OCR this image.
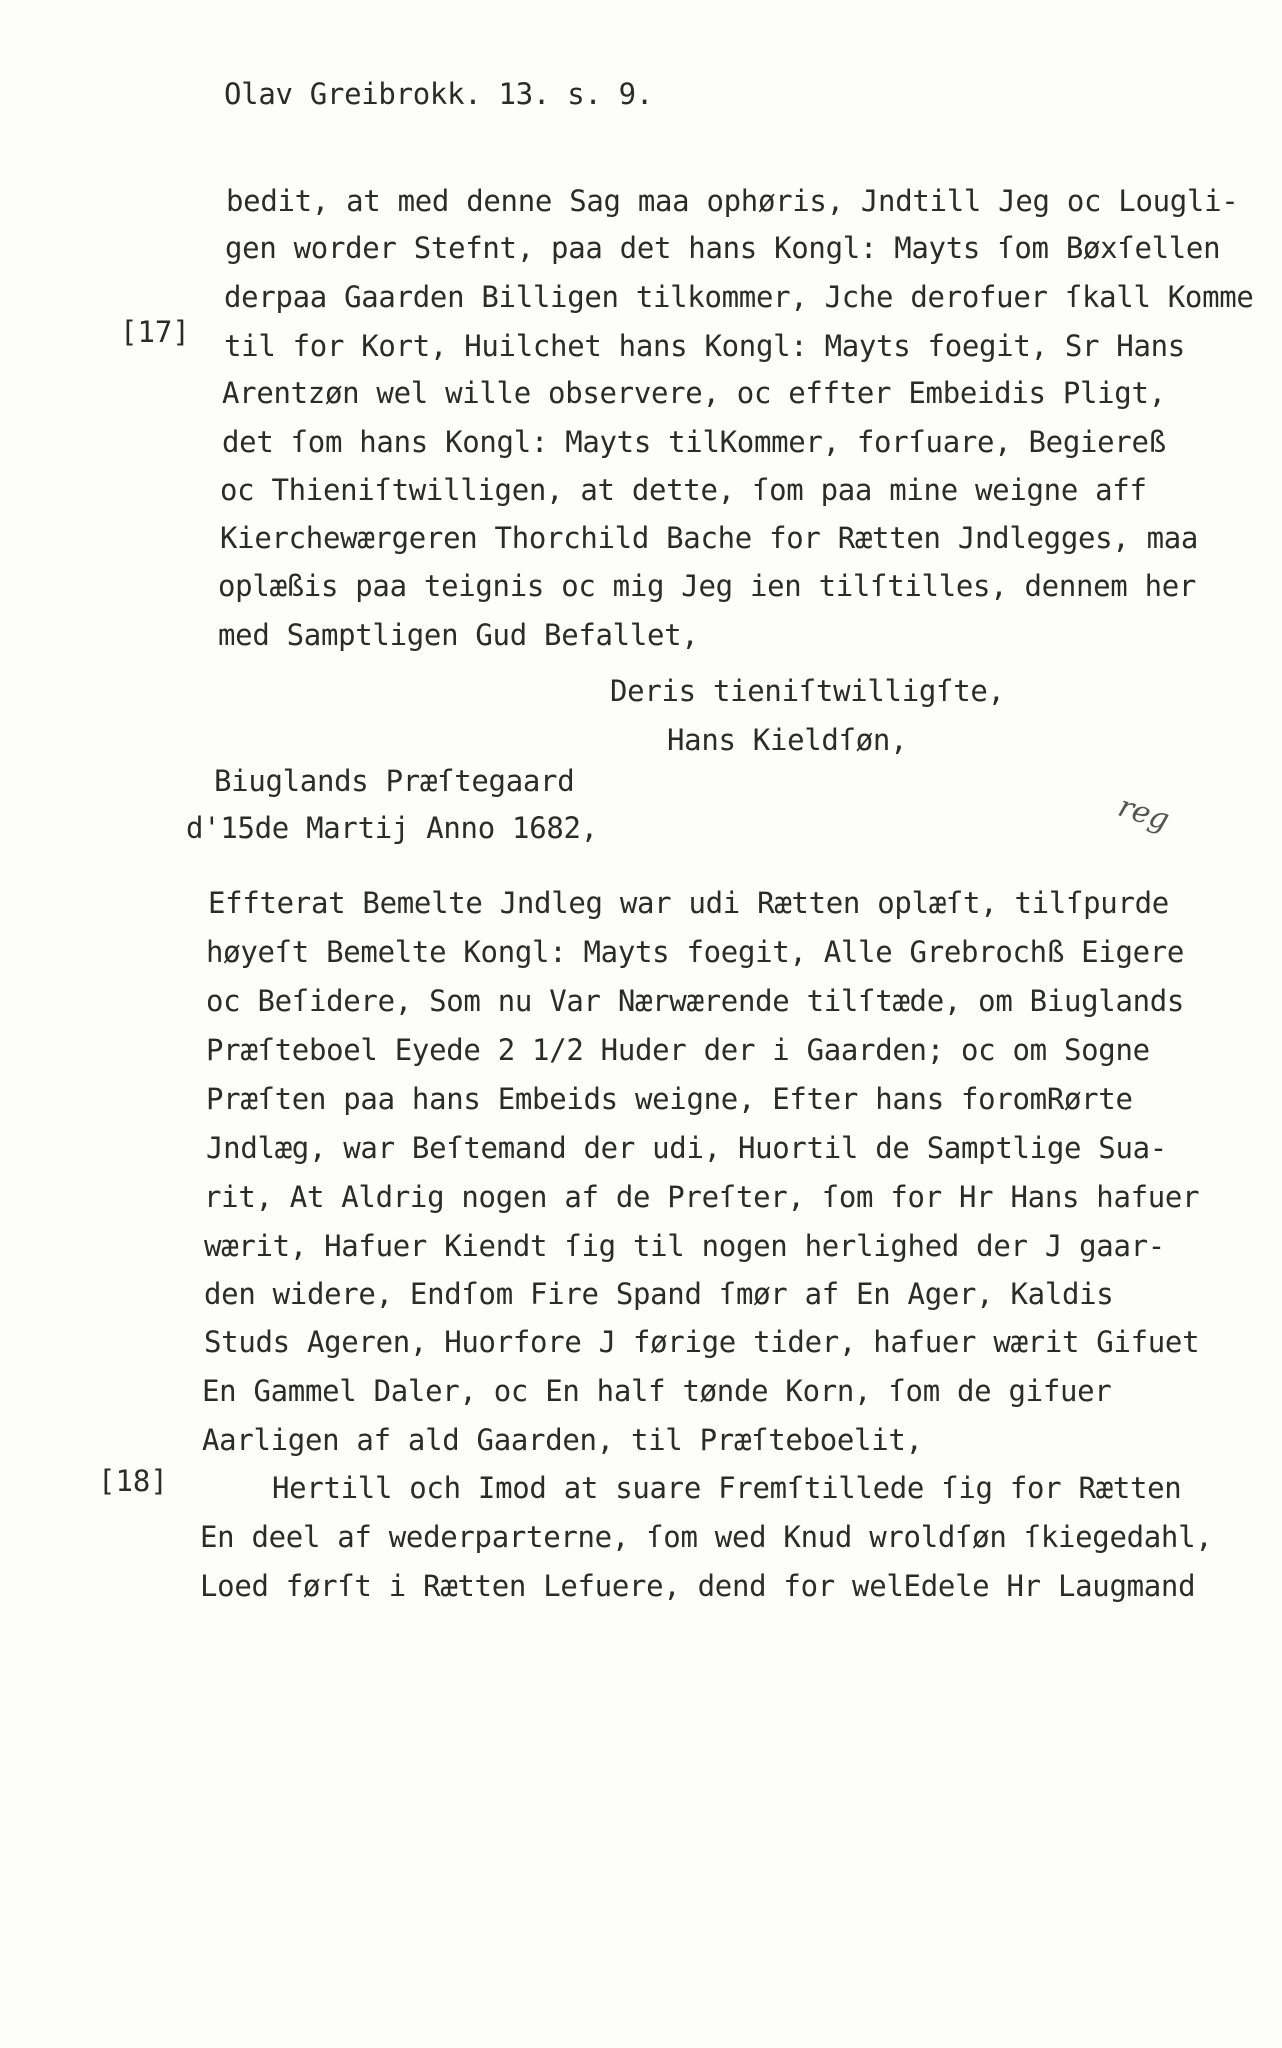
Olav Greibrokk. 13. s. 9.
[17]
[18]
reg
bedit, at med denne Sag maa ophøris, Jndtill Jeg oc Lougli-
gen worder Stefnt, paa det hans Kongl: Mayts ſom Bøxſellen
derpaa Gaarden Billigen tilkommer, Jche derofuer ſkall Komme
til for Kort, Huilchet hans Kongl: Mayts foegit, Sr Hans
Arentzøn wel wille observere, oc effter Embeidis Pligt,
det ſom hans Kongl: Mayts tilKommer, forſuare, Begiereß
oc Thieniſtwilligen, at dette, ſom paa mine weigne aff
Kierchewærgeren Thorchild Bache for Rætten Jndlegges, maa
oplæßis paa teignis oc mig Jeg ien tilſtilles, dennem her
med Samptligen Gud Befallet,
Deris tieniſtwilligſte,
Hans Kieldſøn,
Biuglands Præſtegaard
d'15de Martij Anno 1682,
Effterat Bemelte Jndleg war udi Rætten oplæſt, tilſpurde
høyeſt Bemelte Kongl: Mayts foegit, Alle Grebrochß Eigere
oc Beſidere, Som nu Var Nærwærende tilſtæde, om Biuglands
Præſteboel Eyede 2 1/2 Huder der i Gaarden; oc om Sogne
Præſten paa hans Embeids weigne, Efter hans foromRørte
Jndlæg, war Beſtemand der udi, Huortil de Samptlige Sua-
rit, At Aldrig nogen af de Preſter, ſom for Hr Hans hafuer
wærit, Hafuer Kiendt ſig til nogen herlighed der J gaar-
den widere, Endſom Fire Spand ſmør af En Ager, Kaldis
Studs Ageren, Huorfore J førige tider, hafuer wærit Gifuet
En Gammel Daler, oc En half tønde Korn, ſom de gifuer
Aarligen af ald Gaarden, til Præſteboelit,
Hertill och Imod at suare Fremſtillede ſig for Rætten
En deel af wederparterne, ſom wed Knud wroldſøn ſkiegedahl,
Loed førſt i Rætten Lefuere, dend for welEdele Hr Laugmand
